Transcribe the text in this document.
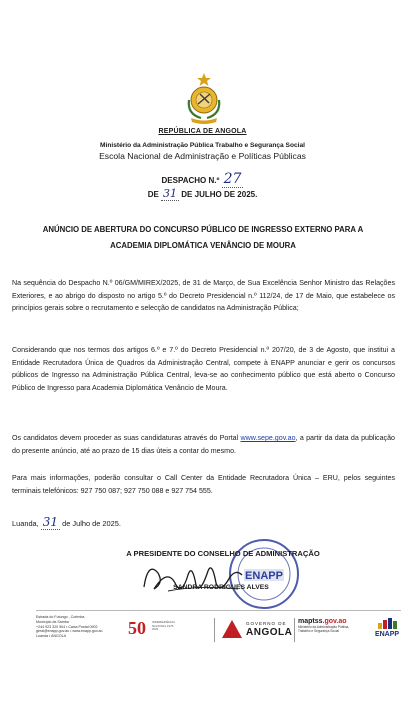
REPÚBLICA DE ANGOLA
Ministério da Administração Pública Trabalho e Segurança Social
Escola Nacional de Administração e Políticas Públicas
DESPACHO N.º 27
DE 31 DE JULHO DE 2025.
ANÚNCIO DE ABERTURA DO CONCURSO PÚBLICO DE INGRESSO EXTERNO PARA A ACADEMIA DIPLOMÁTICA VENÂNCIO DE MOURA
Na sequência do Despacho N.º 06/GM/MIREX/2025, de 31 de Março, de Sua Excelência Senhor Ministro das Relações Exteriores, e ao abrigo do disposto no artigo 5.º do Decreto Presidencial n.º 112/24, de 17 de Maio, que estabelece os princípios gerais sobre o recrutamento e selecção de candidatos na Administração Pública;
Considerando que nos termos dos artigos 6.º e 7.º do Decreto Presidencial n.º 207/20, de 3 de Agosto, que institui a Entidade Recrutadora Única de Quadros da Administração Central, compete à ENAPP anunciar e gerir os concursos públicos de Ingresso na Administração Pública Central, leva-se ao conhecimento público que está aberto o Concurso Público de Ingresso para Academia Diplomática Venâncio de Moura.
Os candidatos devem proceder as suas candidaturas através do Portal www.sepe.gov.ao, a partir da data da publicação do presente anúncio, até ao prazo de 15 dias úteis a contar do mesmo.
Para mais informações, poderão consultar o Call Center da Entidade Recrutadora Única – ERU, pelos seguintes terminais telefónicos: 927 750 087; 927 750 088 e 927 754 555.
Luanda, 31 de Julho de 2025.
ENAPP
A PRESIDENTE DO CONSELHO DE ADMINISTRAÇÃO
SANDRA RODRIGUES ALVES
Estrada do Futungo - Corimba
Município da Samba
+244 923 320 504 • Caixa Postal 0902
geral@enapp.gov.ao • www.enapp.gov.ao
Luanda • ANGOLA	50 INDEPENDÊNCIA NACIONAL 1975-2025
GOVERNO DE
ANGOLA
maptss.gov.ao
Ministério da Administração Pública, Trabalho e Segurança Social	ENAPP
